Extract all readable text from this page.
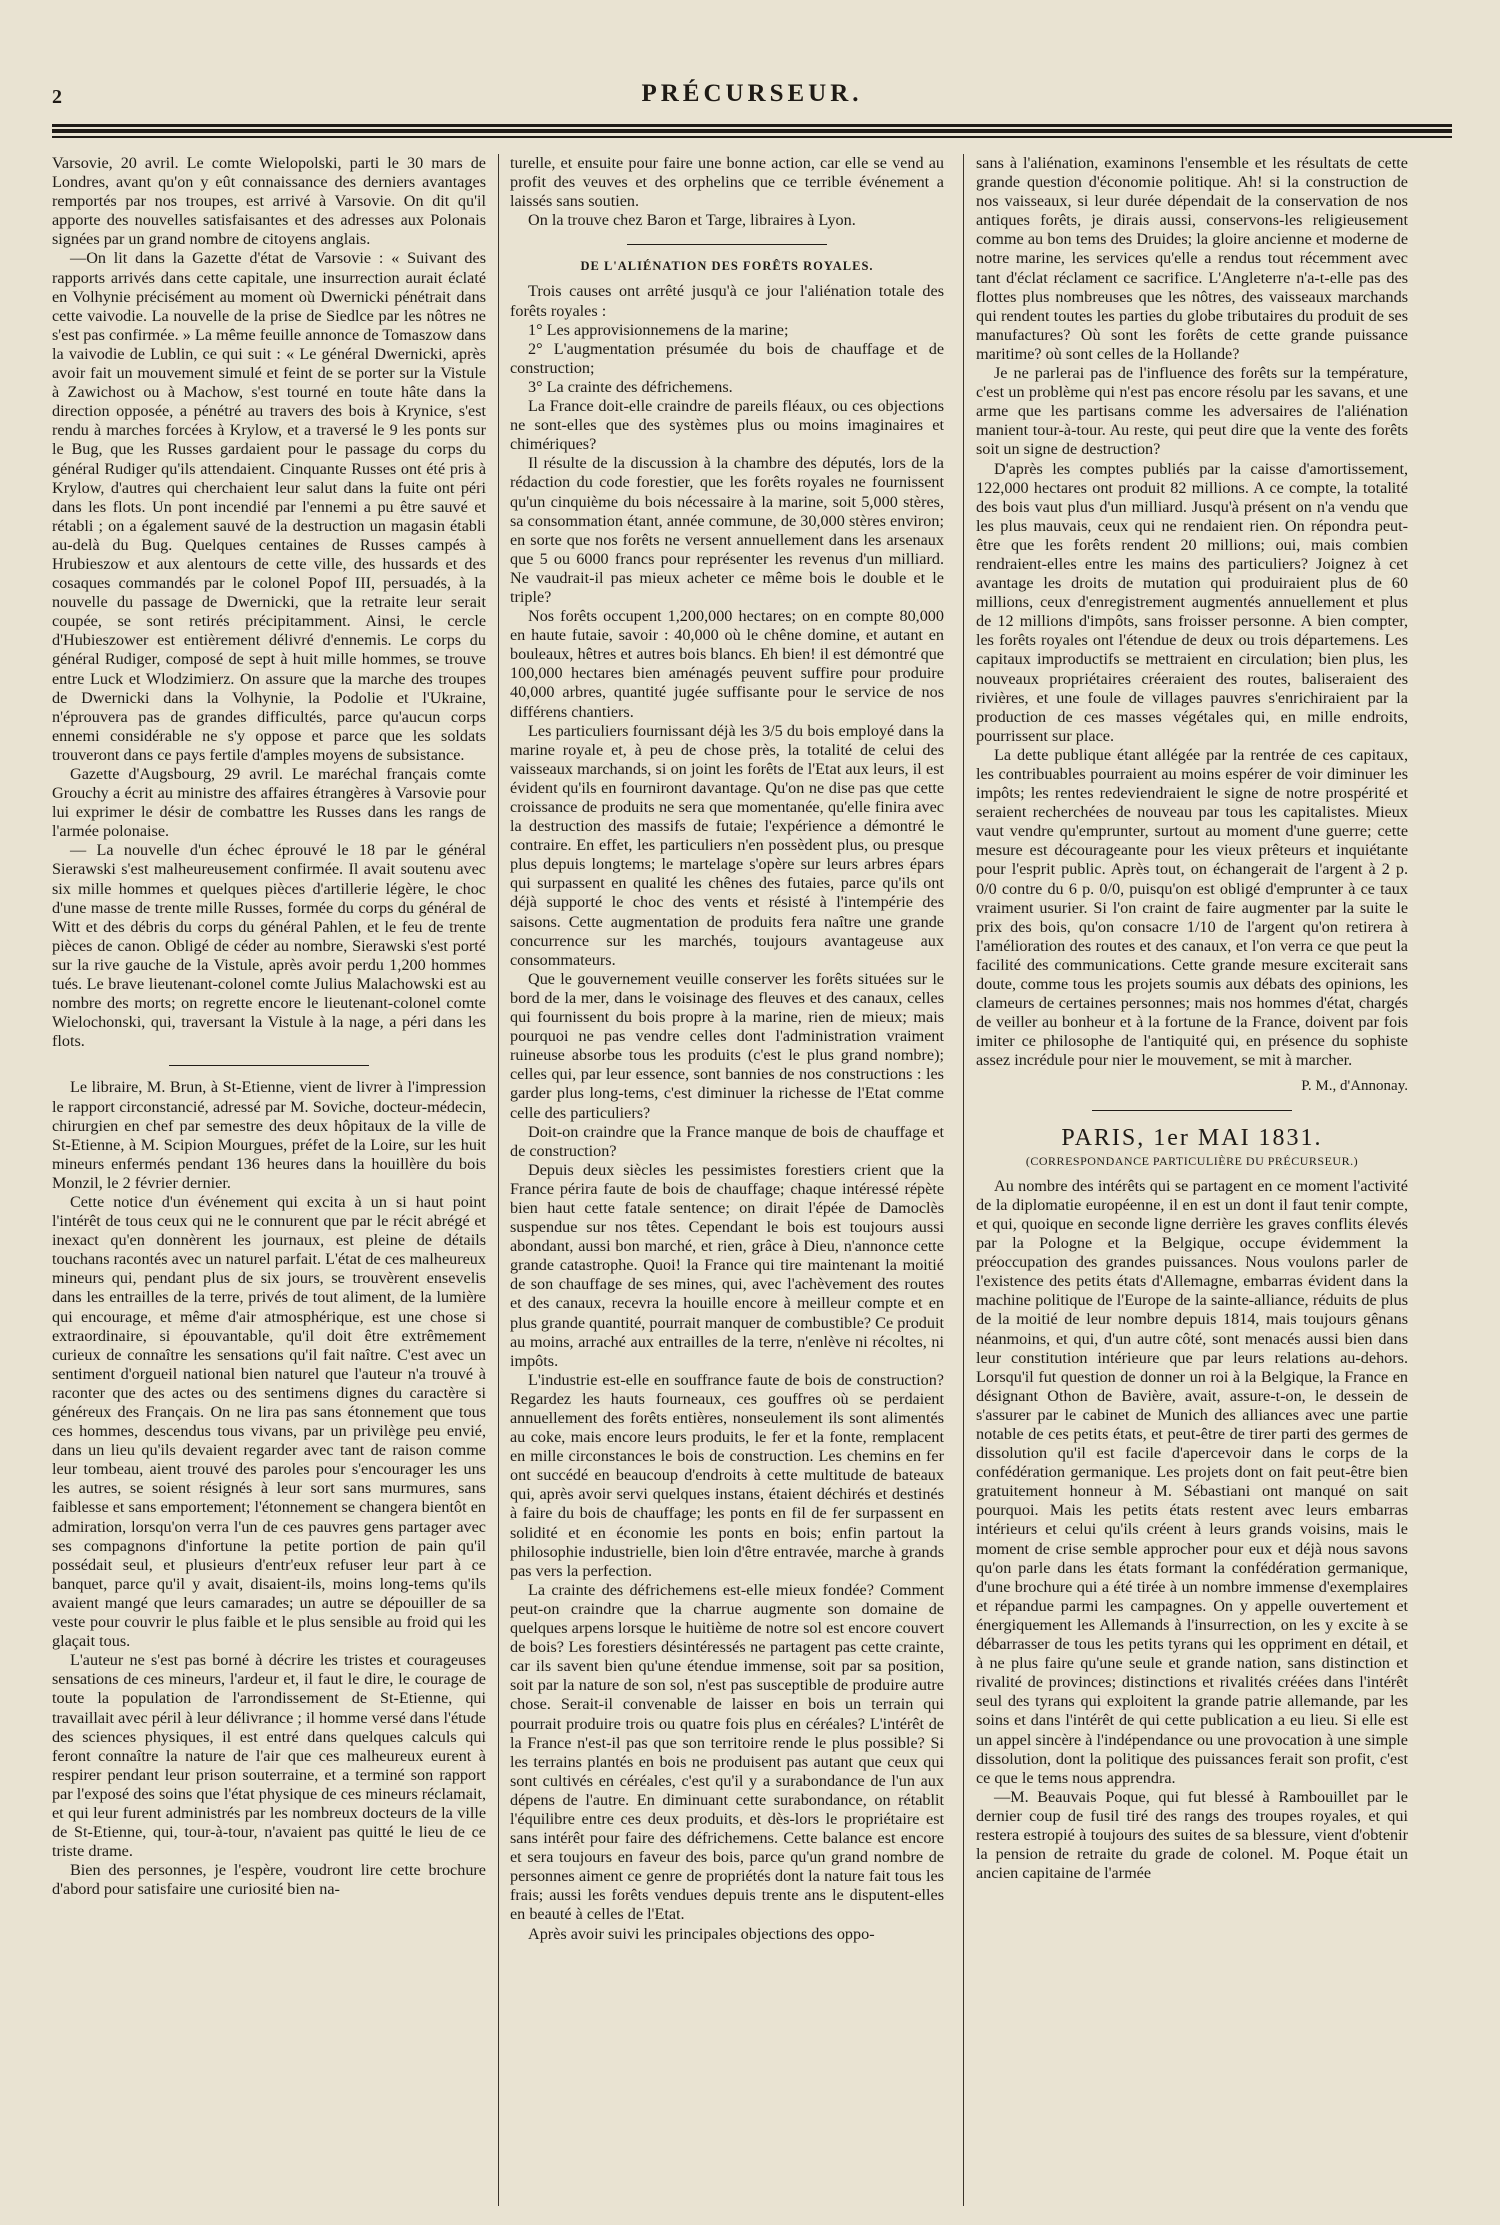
2	PRÉCURSEUR.

Varsovie, 20 avril. Le comte Wielopolski, parti le 30 mars de Londres, avant qu'on y eût connaissance des derniers avantages remportés par nos troupes, est arrivé à Varsovie. On dit qu'il apporte des nouvelles satisfaisantes et des adresses aux Polonais signées par un grand nombre de citoyens anglais.

—On lit dans la Gazette d'état de Varsovie : « Suivant des rapports arrivés dans cette capitale, une insurrection aurait éclaté en Volhynie précisément au moment où Dwernicki pénétrait dans cette vaivodie. La nouvelle de la prise de Siedlce par les nôtres ne s'est pas confirmée. » La même feuille annonce de Tomaszow dans la vaivodie de Lublin, ce qui suit : « Le général Dwernicki, après avoir fait un mouvement simulé et feint de se porter sur la Vistule à Zawichost ou à Machow, s'est tourné en toute hâte dans la direction opposée, a pénétré au travers des bois à Krynice, s'est rendu à marches forcées à Krylow, et a traversé le 9 les ponts sur le Bug, que les Russes gardaient pour le passage du corps du général Rudiger qu'ils attendaient. Cinquante Russes ont été pris à Krylow, d'autres qui cherchaient leur salut dans la fuite ont péri dans les flots. Un pont incendié par l'ennemi a pu être sauvé et rétabli ; on a également sauvé de la destruction un magasin établi au-delà du Bug. Quelques centaines de Russes campés à Hrubieszow et aux alentours de cette ville, des hussards et des cosaques commandés par le colonel Popof III, persuadés, à la nouvelle du passage de Dwernicki, que la retraite leur serait coupée, se sont retirés précipitamment. Ainsi, le cercle d'Hubieszower est entièrement délivré d'ennemis. Le corps du général Rudiger, composé de sept à huit mille hommes, se trouve entre Luck et Wlodzimierz. On assure que la marche des troupes de Dwernicki dans la Volhynie, la Podolie et l'Ukraine, n'éprouvera pas de grandes difficultés, parce qu'aucun corps ennemi considérable ne s'y oppose et parce que les soldats trouveront dans ce pays fertile d'amples moyens de subsistance.

Gazette d'Augsbourg, 29 avril. Le maréchal français comte Grouchy a écrit au ministre des affaires étrangères à Varsovie pour lui exprimer le désir de combattre les Russes dans les rangs de l'armée polonaise.

— La nouvelle d'un échec éprouvé le 18 par le général Sierawski s'est malheureusement confirmée. Il avait soutenu avec six mille hommes et quelques pièces d'artillerie légère, le choc d'une masse de trente mille Russes, formée du corps du général de Witt et des débris du corps du général Pahlen, et le feu de trente pièces de canon. Obligé de céder au nombre, Sierawski s'est porté sur la rive gauche de la Vistule, après avoir perdu 1,200 hommes tués. Le brave lieutenant-colonel comte Julius Malachowski est au nombre des morts; on regrette encore le lieutenant-colonel comte Wielochonski, qui, traversant la Vistule à la nage, a péri dans les flots.

Le libraire, M. Brun, à St-Etienne, vient de livrer à l'impression le rapport circonstancié, adressé par M. Soviche, docteur-médecin, chirurgien en chef par semestre des deux hôpitaux de la ville de St-Etienne, à M. Scipion Mourgues, préfet de la Loire, sur les huit mineurs enfermés pendant 136 heures dans la houillère du bois Monzil, le 2 février dernier.

Cette notice d'un événement qui excita à un si haut point l'intérêt de tous ceux qui ne le connurent que par le récit abrégé et inexact qu'en donnèrent les journaux, est pleine de détails touchans racontés avec un naturel parfait. L'état de ces malheureux mineurs qui, pendant plus de six jours, se trouvèrent ensevelis dans les entrailles de la terre, privés de tout aliment, de la lumière qui encourage, et même d'air atmosphérique, est une chose si extraordinaire, si épouvantable, qu'il doit être extrêmement curieux de connaître les sensations qu'il fait naître. C'est avec un sentiment d'orgueil national bien naturel que l'auteur n'a trouvé à raconter que des actes ou des sentimens dignes du caractère si généreux des Français. On ne lira pas sans étonnement que tous ces hommes, descendus tous vivans, par un privilège peu envié, dans un lieu qu'ils devaient regarder avec tant de raison comme leur tombeau, aient trouvé des paroles pour s'encourager les uns les autres, se soient résignés à leur sort sans murmures, sans faiblesse et sans emportement; l'étonnement se changera bientôt en admiration, lorsqu'on verra l'un de ces pauvres gens partager avec ses compagnons d'infortune la petite portion de pain qu'il possédait seul, et plusieurs d'entr'eux refuser leur part à ce banquet, parce qu'il y avait, disaient-ils, moins long-tems qu'ils avaient mangé que leurs camarades; un autre se dépouiller de sa veste pour couvrir le plus faible et le plus sensible au froid qui les glaçait tous.

L'auteur ne s'est pas borné à décrire les tristes et courageuses sensations de ces mineurs, l'ardeur et, il faut le dire, le courage de toute la population de l'arrondissement de St-Etienne, qui travaillait avec péril à leur délivrance ; il homme versé dans l'étude des sciences physiques, il est entré dans quelques calculs qui feront connaître la nature de l'air que ces malheureux eurent à respirer pendant leur prison souterraine, et a terminé son rapport par l'exposé des soins que l'état physique de ces mineurs réclamait, et qui leur furent administrés par les nombreux docteurs de la ville de St-Etienne, qui, tour-à-tour, n'avaient pas quitté le lieu de ce triste drame.

Bien des personnes, je l'espère, voudront lire cette brochure d'abord pour satisfaire une curiosité bien na-

turelle, et ensuite pour faire une bonne action, car elle se vend au profit des veuves et des orphelins que ce terrible événement a laissés sans soutien.

On la trouve chez Baron et Targe, libraires à Lyon.

DE L'ALIÉNATION DES FORÊTS ROYALES.

Trois causes ont arrêté jusqu'à ce jour l'aliénation totale des forêts royales :

1° Les approvisionnemens de la marine;

2° L'augmentation présumée du bois de chauffage et de construction;

3° La crainte des défrichemens.

La France doit-elle craindre de pareils fléaux, ou ces objections ne sont-elles que des systèmes plus ou moins imaginaires et chimériques?

Il résulte de la discussion à la chambre des députés, lors de la rédaction du code forestier, que les forêts royales ne fournissent qu'un cinquième du bois nécessaire à la marine, soit 5,000 stères, sa consommation étant, année commune, de 30,000 stères environ; en sorte que nos forêts ne versent annuellement dans les arsenaux que 5 ou 6000 francs pour représenter les revenus d'un milliard. Ne vaudrait-il pas mieux acheter ce même bois le double et le triple?

Nos forêts occupent 1,200,000 hectares; on en compte 80,000 en haute futaie, savoir : 40,000 où le chêne domine, et autant en bouleaux, hêtres et autres bois blancs. Eh bien! il est démontré que 100,000 hectares bien aménagés peuvent suffire pour produire 40,000 arbres, quantité jugée suffisante pour le service de nos différens chantiers.

Les particuliers fournissant déjà les 3/5 du bois employé dans la marine royale et, à peu de chose près, la totalité de celui des vaisseaux marchands, si on joint les forêts de l'Etat aux leurs, il est évident qu'ils en fourniront davantage. Qu'on ne dise pas que cette croissance de produits ne sera que momentanée, qu'elle finira avec la destruction des massifs de futaie; l'expérience a démontré le contraire. En effet, les particuliers n'en possèdent plus, ou presque plus depuis longtems; le martelage s'opère sur leurs arbres épars qui surpassent en qualité les chênes des futaies, parce qu'ils ont déjà supporté le choc des vents et résisté à l'intempérie des saisons. Cette augmentation de produits fera naître une grande concurrence sur les marchés, toujours avantageuse aux consommateurs.

Que le gouvernement veuille conserver les forêts situées sur le bord de la mer, dans le voisinage des fleuves et des canaux, celles qui fournissent du bois propre à la marine, rien de mieux; mais pourquoi ne pas vendre celles dont l'administration vraiment ruineuse absorbe tous les produits (c'est le plus grand nombre); celles qui, par leur essence, sont bannies de nos constructions : les garder plus long-tems, c'est diminuer la richesse de l'Etat comme celle des particuliers?

Doit-on craindre que la France manque de bois de chauffage et de construction?

Depuis deux siècles les pessimistes forestiers crient que la France périra faute de bois de chauffage; chaque intéressé répète bien haut cette fatale sentence; on dirait l'épée de Damoclès suspendue sur nos têtes. Cependant le bois est toujours aussi abondant, aussi bon marché, et rien, grâce à Dieu, n'annonce cette grande catastrophe. Quoi! la France qui tire maintenant la moitié de son chauffage de ses mines, qui, avec l'achèvement des routes et des canaux, recevra la houille encore à meilleur compte et en plus grande quantité, pourrait manquer de combustible? Ce produit au moins, arraché aux entrailles de la terre, n'enlève ni récoltes, ni impôts.

L'industrie est-elle en souffrance faute de bois de construction? Regardez les hauts fourneaux, ces gouffres où se perdaient annuellement des forêts entières, nonseulement ils sont alimentés au coke, mais encore leurs produits, le fer et la fonte, remplacent en mille circonstances le bois de construction. Les chemins en fer ont succédé en beaucoup d'endroits à cette multitude de bateaux qui, après avoir servi quelques instans, étaient déchirés et destinés à faire du bois de chauffage; les ponts en fil de fer surpassent en solidité et en économie les ponts en bois; enfin partout la philosophie industrielle, bien loin d'être entravée, marche à grands pas vers la perfection.

La crainte des défrichemens est-elle mieux fondée? Comment peut-on craindre que la charrue augmente son domaine de quelques arpens lorsque le huitième de notre sol est encore couvert de bois? Les forestiers désintéressés ne partagent pas cette crainte, car ils savent bien qu'une étendue immense, soit par sa position, soit par la nature de son sol, n'est pas susceptible de produire autre chose. Serait-il convenable de laisser en bois un terrain qui pourrait produire trois ou quatre fois plus en céréales? L'intérêt de la France n'est-il pas que son territoire rende le plus possible? Si les terrains plantés en bois ne produisent pas autant que ceux qui sont cultivés en céréales, c'est qu'il y a surabondance de l'un aux dépens de l'autre. En diminuant cette surabondance, on rétablit l'équilibre entre ces deux produits, et dès-lors le propriétaire est sans intérêt pour faire des défrichemens. Cette balance est encore et sera toujours en faveur des bois, parce qu'un grand nombre de personnes aiment ce genre de propriétés dont la nature fait tous les frais; aussi les forêts vendues depuis trente ans le disputent-elles en beauté à celles de l'Etat.

Après avoir suivi les principales objections des oppo-

sans à l'aliénation, examinons l'ensemble et les résultats de cette grande question d'économie politique. Ah! si la construction de nos vaisseaux, si leur durée dépendait de la conservation de nos antiques forêts, je dirais aussi, conservons-les religieusement comme au bon tems des Druides; la gloire ancienne et moderne de notre marine, les services qu'elle a rendus tout récemment avec tant d'éclat réclament ce sacrifice. L'Angleterre n'a-t-elle pas des flottes plus nombreuses que les nôtres, des vaisseaux marchands qui rendent toutes les parties du globe tributaires du produit de ses manufactures? Où sont les forêts de cette grande puissance maritime? où sont celles de la Hollande?

Je ne parlerai pas de l'influence des forêts sur la température, c'est un problème qui n'est pas encore résolu par les savans, et une arme que les partisans comme les adversaires de l'aliénation manient tour-à-tour. Au reste, qui peut dire que la vente des forêts soit un signe de destruction?

D'après les comptes publiés par la caisse d'amortissement, 122,000 hectares ont produit 82 millions. A ce compte, la totalité des bois vaut plus d'un milliard. Jusqu'à présent on n'a vendu que les plus mauvais, ceux qui ne rendaient rien. On répondra peut-être que les forêts rendent 20 millions; oui, mais combien rendraient-elles entre les mains des particuliers? Joignez à cet avantage les droits de mutation qui produiraient plus de 60 millions, ceux d'enregistrement augmentés annuellement et plus de 12 millions d'impôts, sans froisser personne. A bien compter, les forêts royales ont l'étendue de deux ou trois départemens. Les capitaux improductifs se mettraient en circulation; bien plus, les nouveaux propriétaires créeraient des routes, baliseraient des rivières, et une foule de villages pauvres s'enrichiraient par la production de ces masses végétales qui, en mille endroits, pourrissent sur place.

La dette publique étant allégée par la rentrée de ces capitaux, les contribuables pourraient au moins espérer de voir diminuer les impôts; les rentes redeviendraient le signe de notre prospérité et seraient recherchées de nouveau par tous les capitalistes. Mieux vaut vendre qu'emprunter, surtout au moment d'une guerre; cette mesure est décourageante pour les vieux prêteurs et inquiétante pour l'esprit public. Après tout, on échangerait de l'argent à 2 p. 0/0 contre du 6 p. 0/0, puisqu'on est obligé d'emprunter à ce taux vraiment usurier. Si l'on craint de faire augmenter par la suite le prix des bois, qu'on consacre 1/10 de l'argent qu'on retirera à l'amélioration des routes et des canaux, et l'on verra ce que peut la facilité des communications. Cette grande mesure exciterait sans doute, comme tous les projets soumis aux débats des opinions, les clameurs de certaines personnes; mais nos hommes d'état, chargés de veiller au bonheur et à la fortune de la France, doivent par fois imiter ce philosophe de l'antiquité qui, en présence du sophiste assez incrédule pour nier le mouvement, se mit à marcher.

P. M., d'Annonay.
PARIS, 1er MAI 1831.
(CORRESPONDANCE PARTICULIÈRE DU PRÉCURSEUR.)

Au nombre des intérêts qui se partagent en ce moment l'activité de la diplomatie européenne, il en est un dont il faut tenir compte, et qui, quoique en seconde ligne derrière les graves conflits élevés par la Pologne et la Belgique, occupe évidemment la préoccupation des grandes puissances. Nous voulons parler de l'existence des petits états d'Allemagne, embarras évident dans la machine politique de l'Europe de la sainte-alliance, réduits de plus de la moitié de leur nombre depuis 1814, mais toujours gênans néanmoins, et qui, d'un autre côté, sont menacés aussi bien dans leur constitution intérieure que par leurs relations au-dehors. Lorsqu'il fut question de donner un roi à la Belgique, la France en désignant Othon de Bavière, avait, assure-t-on, le dessein de s'assurer par le cabinet de Munich des alliances avec une partie notable de ces petits états, et peut-être de tirer parti des germes de dissolution qu'il est facile d'apercevoir dans le corps de la confédération germanique. Les projets dont on fait peut-être bien gratuitement honneur à M. Sébastiani ont manqué on sait pourquoi. Mais les petits états restent avec leurs embarras intérieurs et celui qu'ils créent à leurs grands voisins, mais le moment de crise semble approcher pour eux et déjà nous savons qu'on parle dans les états formant la confédération germanique, d'une brochure qui a été tirée à un nombre immense d'exemplaires et répandue parmi les campagnes. On y appelle ouvertement et énergiquement les Allemands à l'insurrection, on les y excite à se débarrasser de tous les petits tyrans qui les oppriment en détail, et à ne plus faire qu'une seule et grande nation, sans distinction et rivalité de provinces; distinctions et rivalités créées dans l'intérêt seul des tyrans qui exploitent la grande patrie allemande, par les soins et dans l'intérêt de qui cette publication a eu lieu. Si elle est un appel sincère à l'indépendance ou une provocation à une simple dissolution, dont la politique des puissances ferait son profit, c'est ce que le tems nous apprendra.

—M. Beauvais Poque, qui fut blessé à Rambouillet par le dernier coup de fusil tiré des rangs des troupes royales, et qui restera estropié à toujours des suites de sa blessure, vient d'obtenir la pension de retraite du grade de colonel. M. Poque était un ancien capitaine de l'armée
